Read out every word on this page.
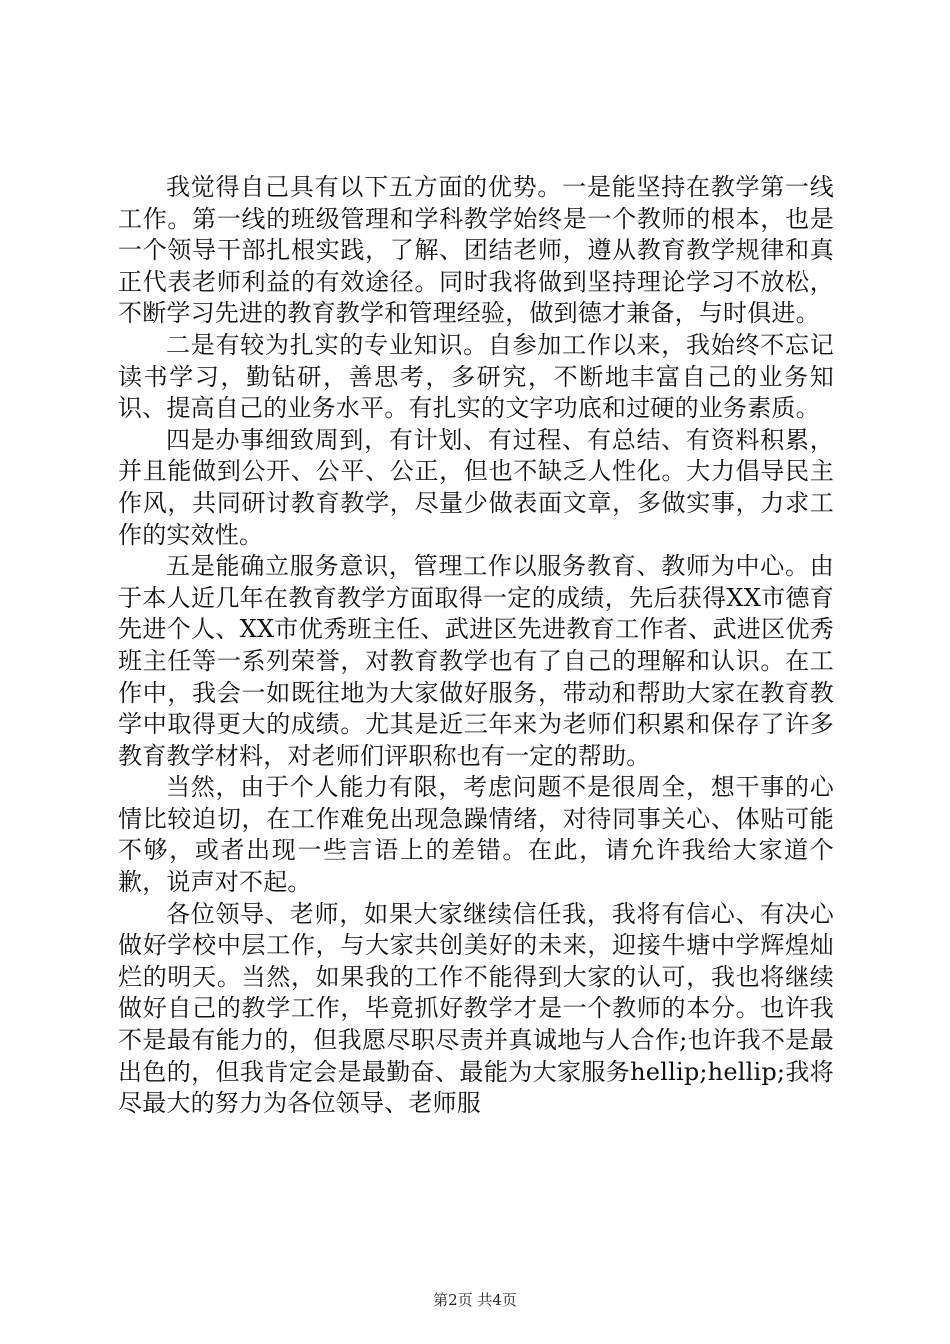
我觉得自己具有以下五方面的优势。一是能坚持在教学第一线工作。第一线的班级管理和学科教学始终是一个教师的根本，也是一个领导干部扎根实践，了解、团结老师，遵从教育教学规律和真正代表老师利益的有效途径。同时我将做到坚持理论学习不放松，不断学习先进的教育教学和管理经验，做到德才兼备，与时俱进。

二是有较为扎实的专业知识。自参加工作以来，我始终不忘记读书学习，勤钻研，善思考，多研究，不断地丰富自己的业务知识、提高自己的业务水平。有扎实的文字功底和过硬的业务素质。

四是办事细致周到，有计划、有过程、有总结、有资料积累，并且能做到公开、公平、公正，但也不缺乏人性化。大力倡导民主作风，共同研讨教育教学，尽量少做表面文章，多做实事，力求工作的实效性。

五是能确立服务意识，管理工作以服务教育、教师为中心。由于本人近几年在教育教学方面取得一定的成绩，先后获得XX市德育先进个人、XX市优秀班主任、武进区先进教育工作者、武进区优秀班主任等一系列荣誉，对教育教学也有了自己的理解和认识。在工作中，我会一如既往地为大家做好服务，带动和帮助大家在教育教学中取得更大的成绩。尤其是近三年来为老师们积累和保存了许多教育教学材料，对老师们评职称也有一定的帮助。

当然，由于个人能力有限，考虑问题不是很周全，想干事的心情比较迫切，在工作难免出现急躁情绪，对待同事关心、体贴可能不够，或者出现一些言语上的差错。在此，请允许我给大家道个歉，说声对不起。

各位领导、老师，如果大家继续信任我，我将有信心、有决心做好学校中层工作，与大家共创美好的未来，迎接牛塘中学辉煌灿烂的明天。当然，如果我的工作不能得到大家的认可，我也将继续做好自己的教学工作，毕竟抓好教学才是一个教师的本分。也许我不是最有能力的，但我愿尽职尽责并真诚地与人合作;也许我不是最出色的，但我肯定会是最勤奋、最能为大家服务hellip;hellip;我将尽最大的努力为各位领导、老师服

第2页 共4页
